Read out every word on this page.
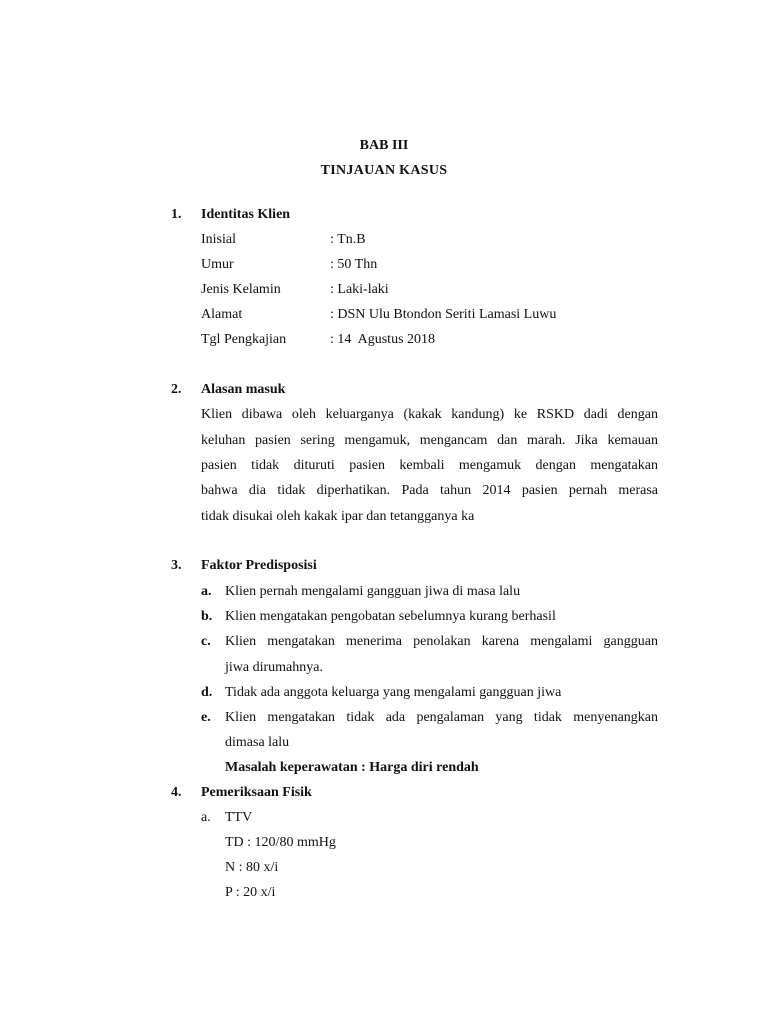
BAB III
TINJAUAN KASUS
1. Identitas Klien
Inisial	: Tn.B
Umur	: 50 Thn
Jenis Kelamin	: Laki-laki
Alamat	: DSN Ulu Btondon Seriti Lamasi Luwu
Tgl Pengkajian	: 14  Agustus 2018
2. Alasan masuk
Klien dibawa oleh keluarganya (kakak kandung) ke RSKD dadi dengan
keluhan pasien sering mengamuk, mengancam dan marah. Jika kemauan
pasien tidak dituruti pasien kembali mengamuk dengan mengatakan
bahwa dia tidak diperhatikan. Pada tahun 2014 pasien pernah merasa
tidak disukai oleh kakak ipar dan tetangganya ka
3. Faktor Predisposisi
a. Klien pernah mengalami gangguan jiwa di masa lalu
b. Klien mengatakan pengobatan sebelumnya kurang berhasil
c. Klien mengatakan menerima penolakan karena mengalami gangguan
jiwa dirumahnya.
d. Tidak ada anggota keluarga yang mengalami gangguan jiwa
e. Klien mengatakan tidak ada pengalaman yang tidak menyenangkan
dimasa lalu
Masalah keperawatan : Harga diri rendah
4. Pemeriksaan Fisik
a. TTV
TD : 120/80 mmHg
N : 80 x/i
P : 20 x/i
